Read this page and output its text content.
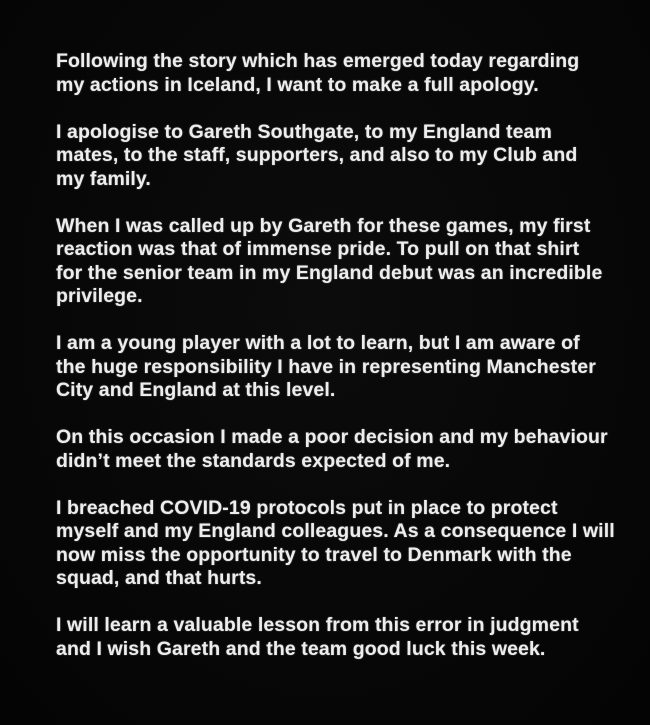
Following the story which has emerged today regarding
my actions in Iceland, I want to make a full apology.

I apologise to Gareth Southgate, to my England team
mates, to the staff, supporters, and also to my Club and
my family.

When I was called up by Gareth for these games, my first
reaction was that of immense pride. To pull on that shirt
for the senior team in my England debut was an incredible
privilege.

I am a young player with a lot to learn, but I am aware of
the huge responsibility I have in representing Manchester
City and England at this level.

On this occasion I made a poor decision and my behaviour
didn’t meet the standards expected of me.

I breached COVID-19 protocols put in place to protect
myself and my England colleagues. As a consequence I will
now miss the opportunity to travel to Denmark with the
squad, and that hurts.

I will learn a valuable lesson from this error in judgment
and I wish Gareth and the team good luck this week.
